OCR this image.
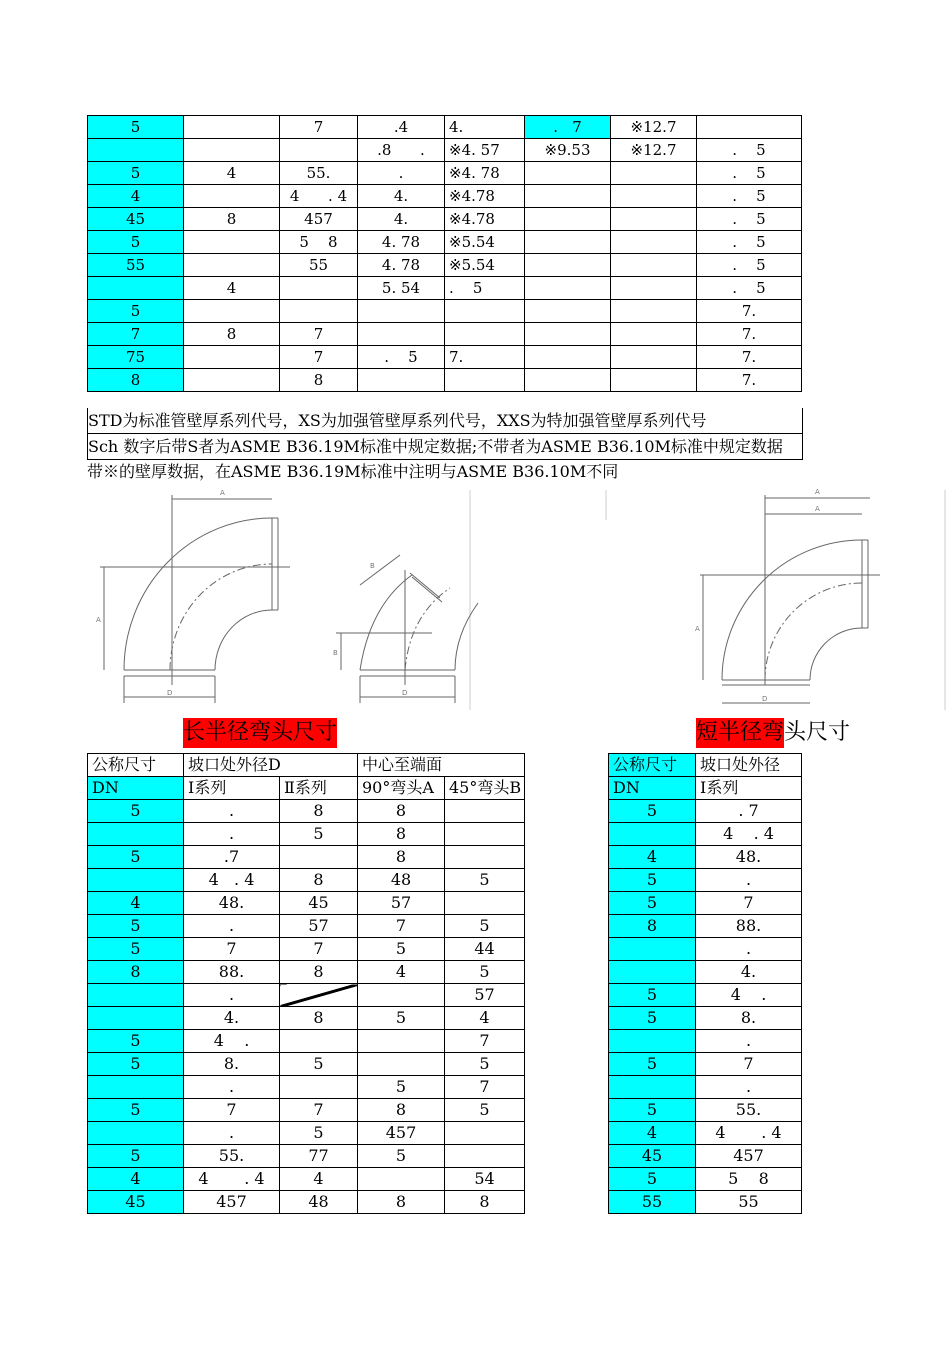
5		7	.4	4.	.   7	※12.7	
			.8      .	※4. 57	※9.53	※12.7	.    5
5	4	55.	.	※4. 78			.    5
4		4      . 4	4.	※4.78			.    5
45	8	457	4.	※4.78			.    5
5		5    8	4. 78	※5.54			.    5
55		55	4. 78	※5.54			.    5
	4		5. 54	.    5			.    5
5							7.
7	8	7					7.
75		7	.    5	7.			7.
8		8					7.
STD为标准管壁厚系列代号，XS为加强管壁厚系列代号，XXS为特加强管壁厚系列代号
Sch 数字后带S者为ASME B36.19M标准中规定数据;不带者为ASME B36.10M标准中规定数据
带※的壁厚数据，在ASME B36.19M标准中注明与ASME B36.10M不同
A
A
D
B
B
D
A
A
A
D
长半径弯头尺寸	短半径弯头尺寸
公称尺寸	坡口处外径D		中心至端面	
DN	Ⅰ系列	Ⅱ系列	90°弯头A	45°弯头B
5	.	8	8	
	.	5	8	
5	.7		8	
	4   . 4	8	48	5
4	48.	45	57	
5	.	57	7	5
5	7	7	5	44
8	88.	8	4	5
	.			57
	4.	8	5	4
5	4    .			7
5	8.	5		5
	.		5	7
5	7	7	8	5
	.	5	457	
5	55.	77	5	
4	4       . 4	4		54
45	457	48	8	8
公称尺寸	坡口处外径
DN	Ⅰ系列
5	. 7
	4    . 4
4	48.
5	.
5	7
8	88.
	.
	4.
5	4    .
5	8.
	.
5	7
	.
5	55.
4	4       . 4
45	457
5	5    8
55	55
